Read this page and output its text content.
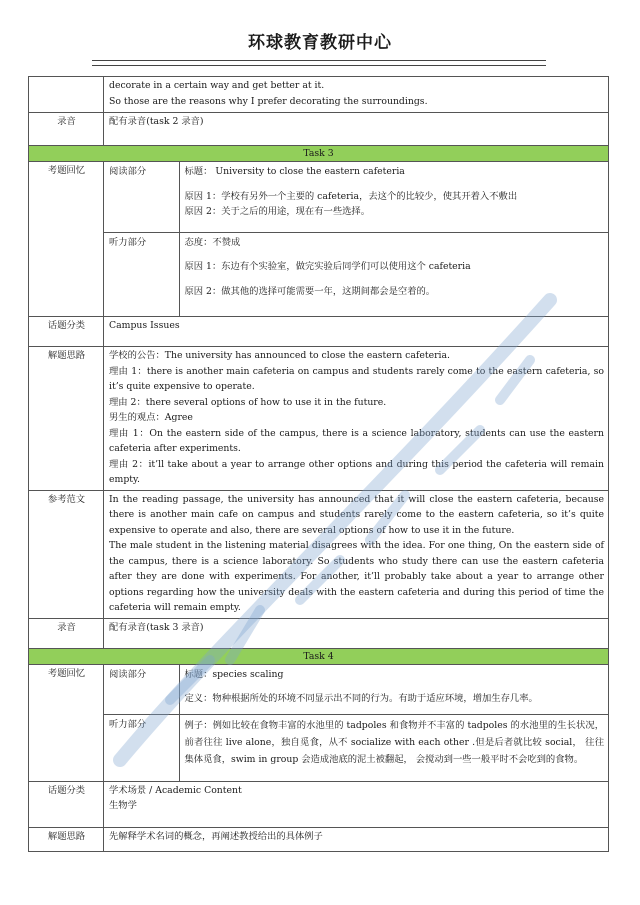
环球教育教研中心

decorate in a certain way and get better at it.
So those are the reasons why I prefer decorating the surroundings.

录音	配有录音(task 2 录音)
Task 3
考题回忆		阅读部分	标题： University to close the eastern cafeteria
原因 1：学校有另外一个主要的 cafeteria，去这个的比较少，使其开着入不敷出
原因 2：关于之后的用途，现在有一些选择。

听力部分	态度：不赞成
原因 1：东边有个实验室，做完实验后同学们可以使用这个 cafeteria
原因 2：做其他的选择可能需要一年，这期间都会是空着的。

话题分类	Campus Issues
解题思路	学校的公告：The university has announced to close the eastern cafeteria.
理由 1：there is another main cafeteria on campus and students rarely come to the eastern cafeteria, so it’s quite expensive to operate.
理由 2：there several options of how to use it in the future.
男生的观点：Agree
理由 1：On the eastern side of the campus, there is a science laboratory, students can use the eastern cafeteria after experiments.
理由 2：it’ll take about a year to arrange other options and during this period the cafeteria will remain empty.

参考范文	In the reading passage, the university has announced that it will close the eastern cafeteria, because there is another main cafe on campus and students rarely come to the eastern cafeteria, so it’s quite expensive to operate and also, there are several options of how to use it in the future.
The male student in the listening material disagrees with the idea. For one thing, On the eastern side of the campus, there is a science laboratory. So students who study there can use the eastern cafeteria after they are done with experiments. For another, it’ll probably take about a year to arrange other options regarding how the university deals with the eastern cafeteria and during this period of time the cafeteria will remain empty.

录音	配有录音(task 3 录音)
Task 4
考题回忆		阅读部分	标题：species scaling
定义：物种根据所处的环境不同显示出不同的行为。有助于适应环境，增加生存几率。

听力部分	例子：例如比较在食物丰富的水池里的 tadpoles 和食物并不丰富的 tadpoles 的水池里的生长状况，前者往往 live alone，独自觅食，从不 socialize with each other .但是后者就比较 social， 往往集体觅食，swim in group 会造成池底的泥土被翻起， 会搅动到一些一般平时不会吃到的食物。

话题分类	学术场景 / Academic Content
生物学

解题思路	先解释学术名词的概念，再阐述教授给出的具体例子
